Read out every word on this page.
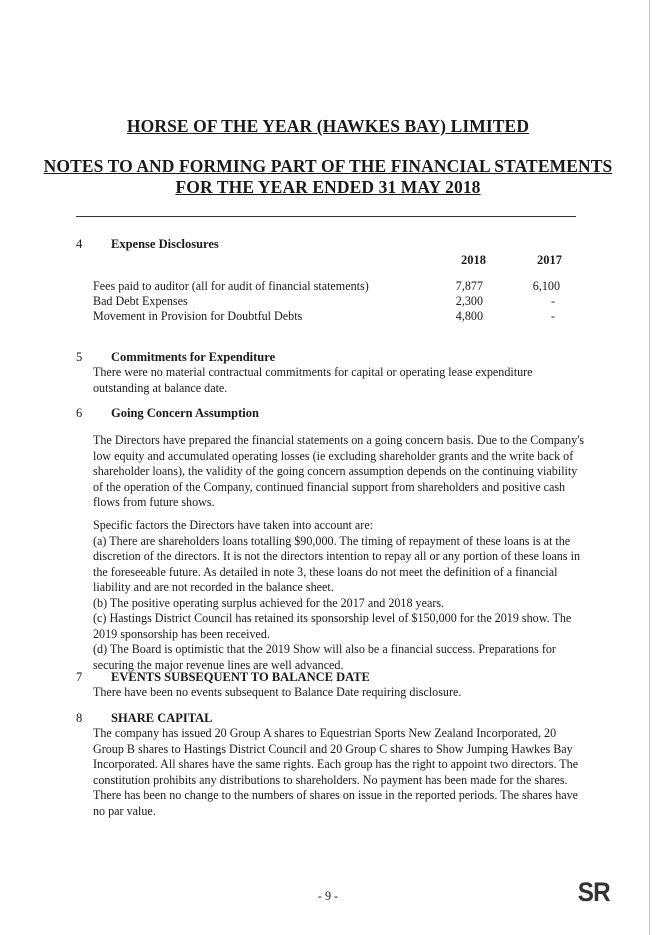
HORSE OF THE YEAR (HAWKES BAY) LIMITED
NOTES TO AND FORMING PART OF THE FINANCIAL STATEMENTS
FOR THE YEAR ENDED 31 MAY 2018
4 Expense Disclosures
2018	2017
Fees paid to auditor (all for audit of financial statements)	7,877	6,100
Bad Debt Expenses	2,300	-
Movement in Provision for Doubtful Debts	4,800	-
5 Commitments for Expenditure
There were no material contractual commitments for capital or operating lease expenditure
outstanding at balance date.
6 Going Concern Assumption
The Directors have prepared the financial statements on a going concern basis. Due to the Company's
low equity and accumulated operating losses (ie excluding shareholder grants and the write back of
shareholder loans), the validity of the going concern assumption depends on the continuing viability
of the operation of the Company, continued financial support from shareholders and positive cash
flows from future shows.
Specific factors the Directors have taken into account are:
(a) There are shareholders loans totalling $90,000. The timing of repayment of these loans is at the
discretion of the directors. It is not the directors intention to repay all or any portion of these loans in
the foreseeable future. As detailed in note 3, these loans do not meet the definition of a financial
liability and are not recorded in the balance sheet.
(b) The positive operating surplus achieved for the 2017 and 2018 years.
(c) Hastings District Council has retained its sponsorship level of $150,000 for the 2019 show. The
2019 sponsorship has been received.
(d) The Board is optimistic that the 2019 Show will also be a financial success. Preparations for
securing the major revenue lines are well advanced.
7 EVENTS SUBSEQUENT TO BALANCE DATE
There have been no events subsequent to Balance Date requiring disclosure.
8 SHARE CAPITAL
The company has issued 20 Group A shares to Equestrian Sports New Zealand Incorporated, 20
Group B shares to Hastings District Council and 20 Group C shares to Show Jumping Hawkes Bay
Incorporated. All shares have the same rights. Each group has the right to appoint two directors. The
constitution prohibits any distributions to shareholders. No payment has been made for the shares.
There has been no change to the numbers of shares on issue in the reported periods. The shares have
no par value.
- 9 -	SR
